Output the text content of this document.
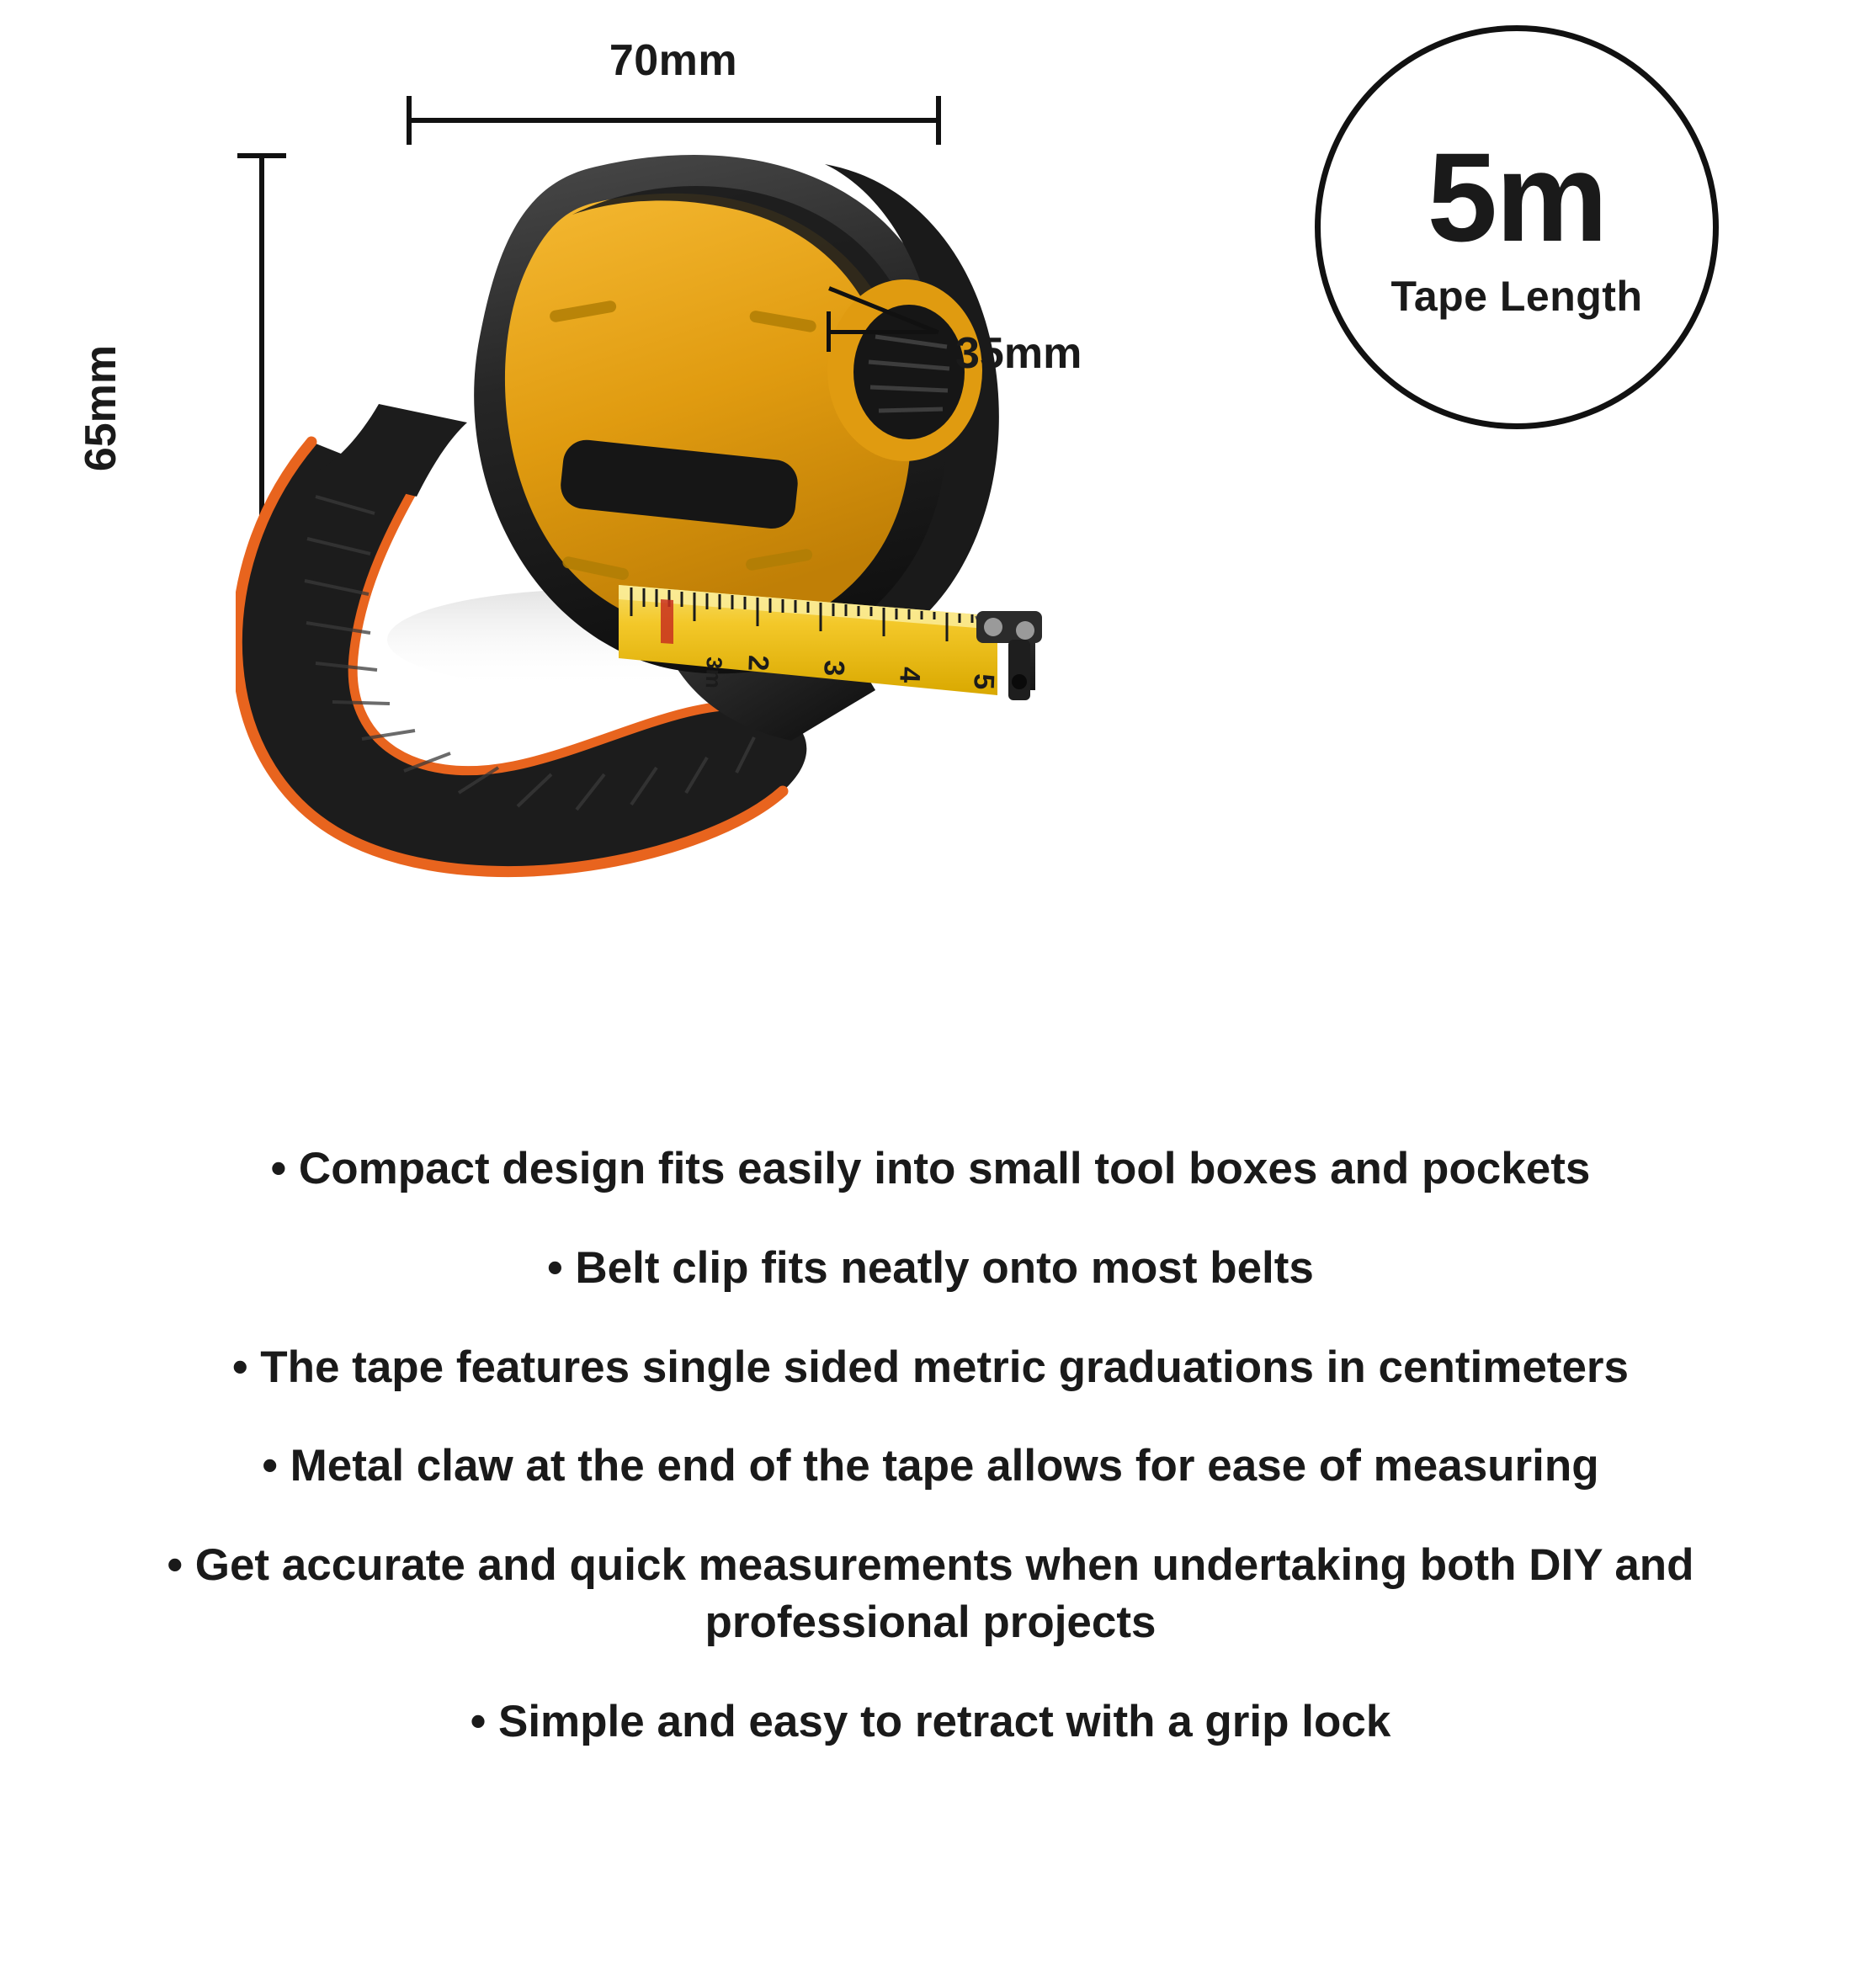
70mm
65mm
2 3 4 5
3m
35mm
5m
Tape Length
• Compact design fits easily into small tool boxes and pockets
• Belt clip fits neatly onto most belts
• The tape features single sided metric graduations in centimeters
• Metal claw at the end of the tape allows for ease of measuring
• Get accurate and quick measurements when undertaking both DIY and professional projects
• Simple and easy to retract with a grip lock
